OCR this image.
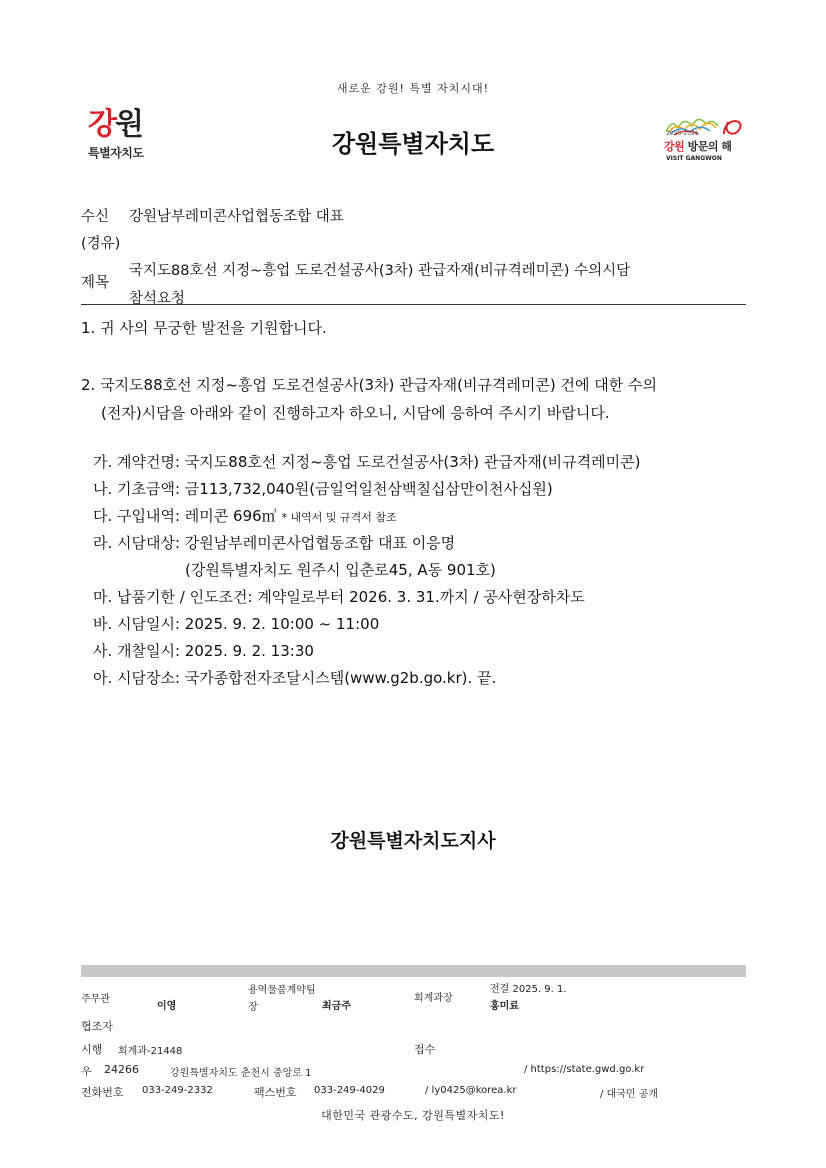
새로운 강원! 특별 자치시대!
강원
특별자치도	강원특별자치도	2025-2026
강원 방문의 해
VISIT GANGWON
수신 강원남부레미콘사업협동조합 대표
(경유)
제목
국지도88호선 지정~흥업 도로건설공사(3차) 관급자재(비규격레미콘) 수의시담
참석요청
1. 귀 사의 무궁한 발전을 기원합니다.
2. 국지도88호선 지정~흥업 도로건설공사(3차) 관급자재(비규격레미콘) 건에 대한 수의
(전자)시담을 아래와 같이 진행하고자 하오니, 시담에 응하여 주시기 바랍니다.
가. 계약건명: 국지도88호선 지정~흥업 도로건설공사(3차) 관급자재(비규격레미콘)
나. 기초금액: 금113,732,040원(금일억일천삼백칠십삼만이천사십원)
다. 구입내역: 레미콘 696㎥ * 내역서 및 규격서 참조
라. 시담대상: 강원남부레미콘사업협동조합 대표 이응명
(강원특별자치도 원주시 입춘로45, A동 901호)
마. 납품기한 / 인도조건: 계약일로부터 2026. 3. 31.까지 / 공사현장하차도
바. 시담일시: 2025. 9. 2. 10:00 ~ 11:00
사. 개찰일시: 2025. 9. 2. 13:30
아. 시담장소: 국가종합전자조달시스템(www.g2b.go.kr). 끝.
강원특별자치도지사
주무관
이영
용역물품계약팀
장	최금주
회계과장
전결 2025. 9. 1.
홍미료
협조자
시행 회계과-21448	접수
우 24266	강원특별자치도 춘천시 중앙로 1	/ https://state.gwd.go.kr
전화번호 033-249-2332	팩스번호 033-249-4029	/ ly0425@korea.kr	/ 대국민 공개
대한민국 관광수도, 강원특별자치도!
